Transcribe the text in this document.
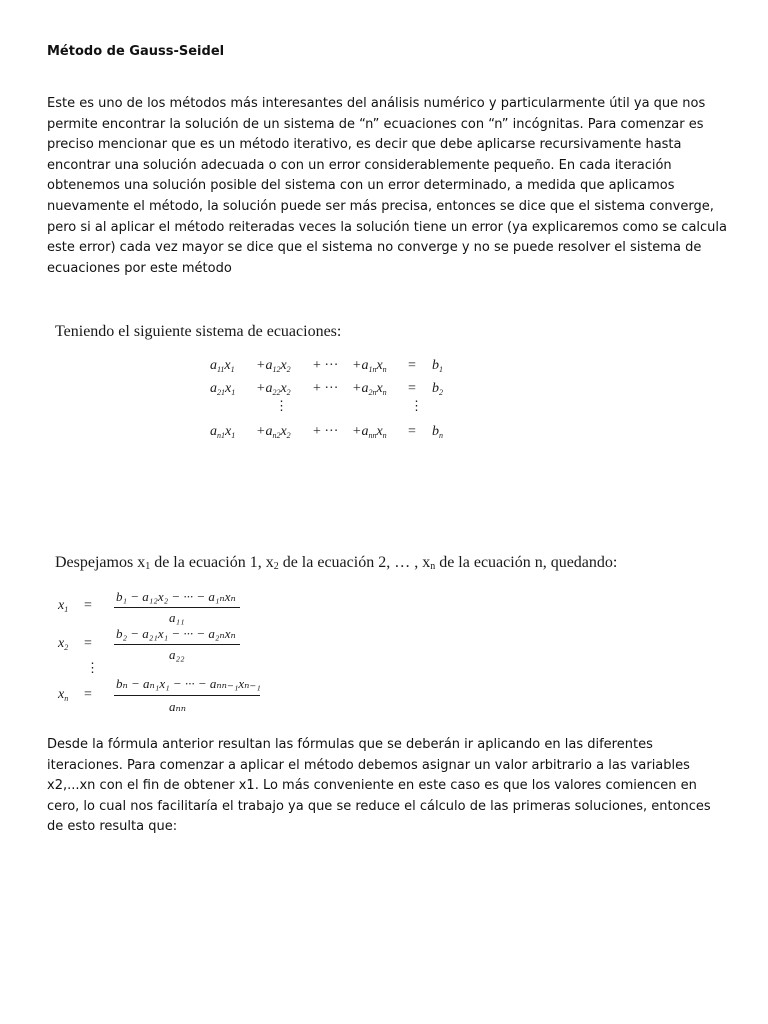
Método de Gauss-Seidel
Este es uno de los métodos más interesantes del análisis numérico y particularmente útil ya que nos permite encontrar la solución de un sistema de “n” ecuaciones con “n” incógnitas. Para comenzar es preciso mencionar que es un método iterativo, es decir que debe aplicarse recursivamente hasta encontrar una solución adecuada o con un error considerablemente pequeño. En cada iteración obtenemos una solución posible del sistema con un error determinado, a medida que aplicamos nuevamente el método, la solución puede ser más precisa, entonces se dice que el sistema converge, pero si al aplicar el método reiteradas veces la solución tiene un error (ya explicaremos como se calcula este error) cada vez mayor se dice que el sistema no converge y no se puede resolver el sistema de ecuaciones por este método
Teniendo el siguiente sistema de ecuaciones:
$a_{11}x_1 +a_{12}x_2$ + ··· $+a_{1n}x_n = b_1$
$a_{21}x_1 +a_{22}x_2$ + ··· $+a_{2n}x_n = b_2$
⋮	⋮
$a_{n1}x_1 +a_{n2}x_2$ + ··· $+a_{nn}x_n = b_n$
Despejamos x1 de la ecuación 1, x2 de la ecuación 2, … , xn de la ecuación n, quedando:
$x_1$ =
b₁ − a₁₂x₂ − ··· − a₁ₙxₙ
a₁₁
$x_2$ =
b₂ − a₂₁x₁ − ··· − a₂ₙxₙ
a₂₂
⋮
$x_n$ =
bₙ − aₙ₁x₁ − ··· − aₙₙ₋₁xₙ₋₁
aₙₙ
Desde la fórmula anterior resultan las fórmulas que se deberán ir aplicando en las diferentes iteraciones. Para comenzar a aplicar el método debemos asignar un valor arbitrario a las variables x2,...xn con el fin de obtener x1. Lo más conveniente en este caso es que los valores comiencen en cero, lo cual nos facilitaría el trabajo ya que se reduce el cálculo de las primeras soluciones, entonces de esto resulta que:
